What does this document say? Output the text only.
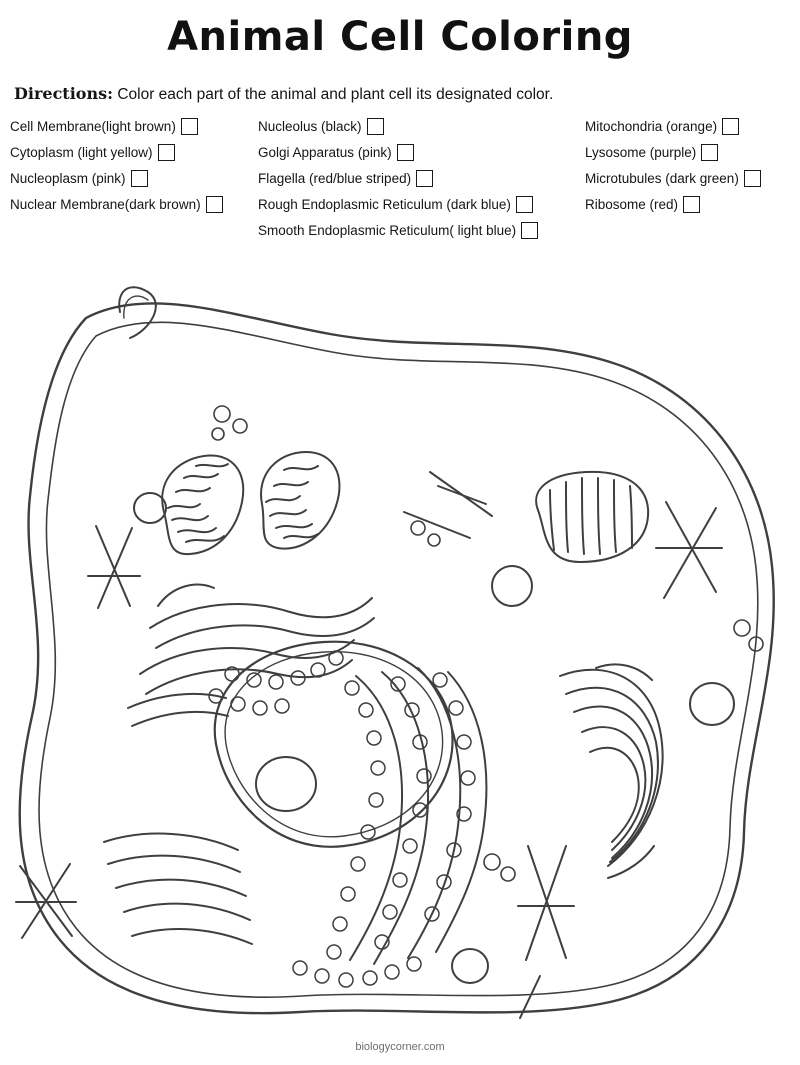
Animal Cell Coloring
Directions: Color each part of the animal and plant cell its designated color.
Cell Membrane(light brown)
Cytoplasm (light yellow)
Nucleoplasm (pink)
Nuclear Membrane(dark brown)
Nucleolus (black)
Golgi Apparatus (pink)
Flagella (red/blue striped)
Rough Endoplasmic Reticulum (dark blue)
Smooth Endoplasmic Reticulum( light blue)
Mitochondria (orange)
Lysosome (purple)
Microtubules (dark green)
Ribosome (red)
biologycorner.com
